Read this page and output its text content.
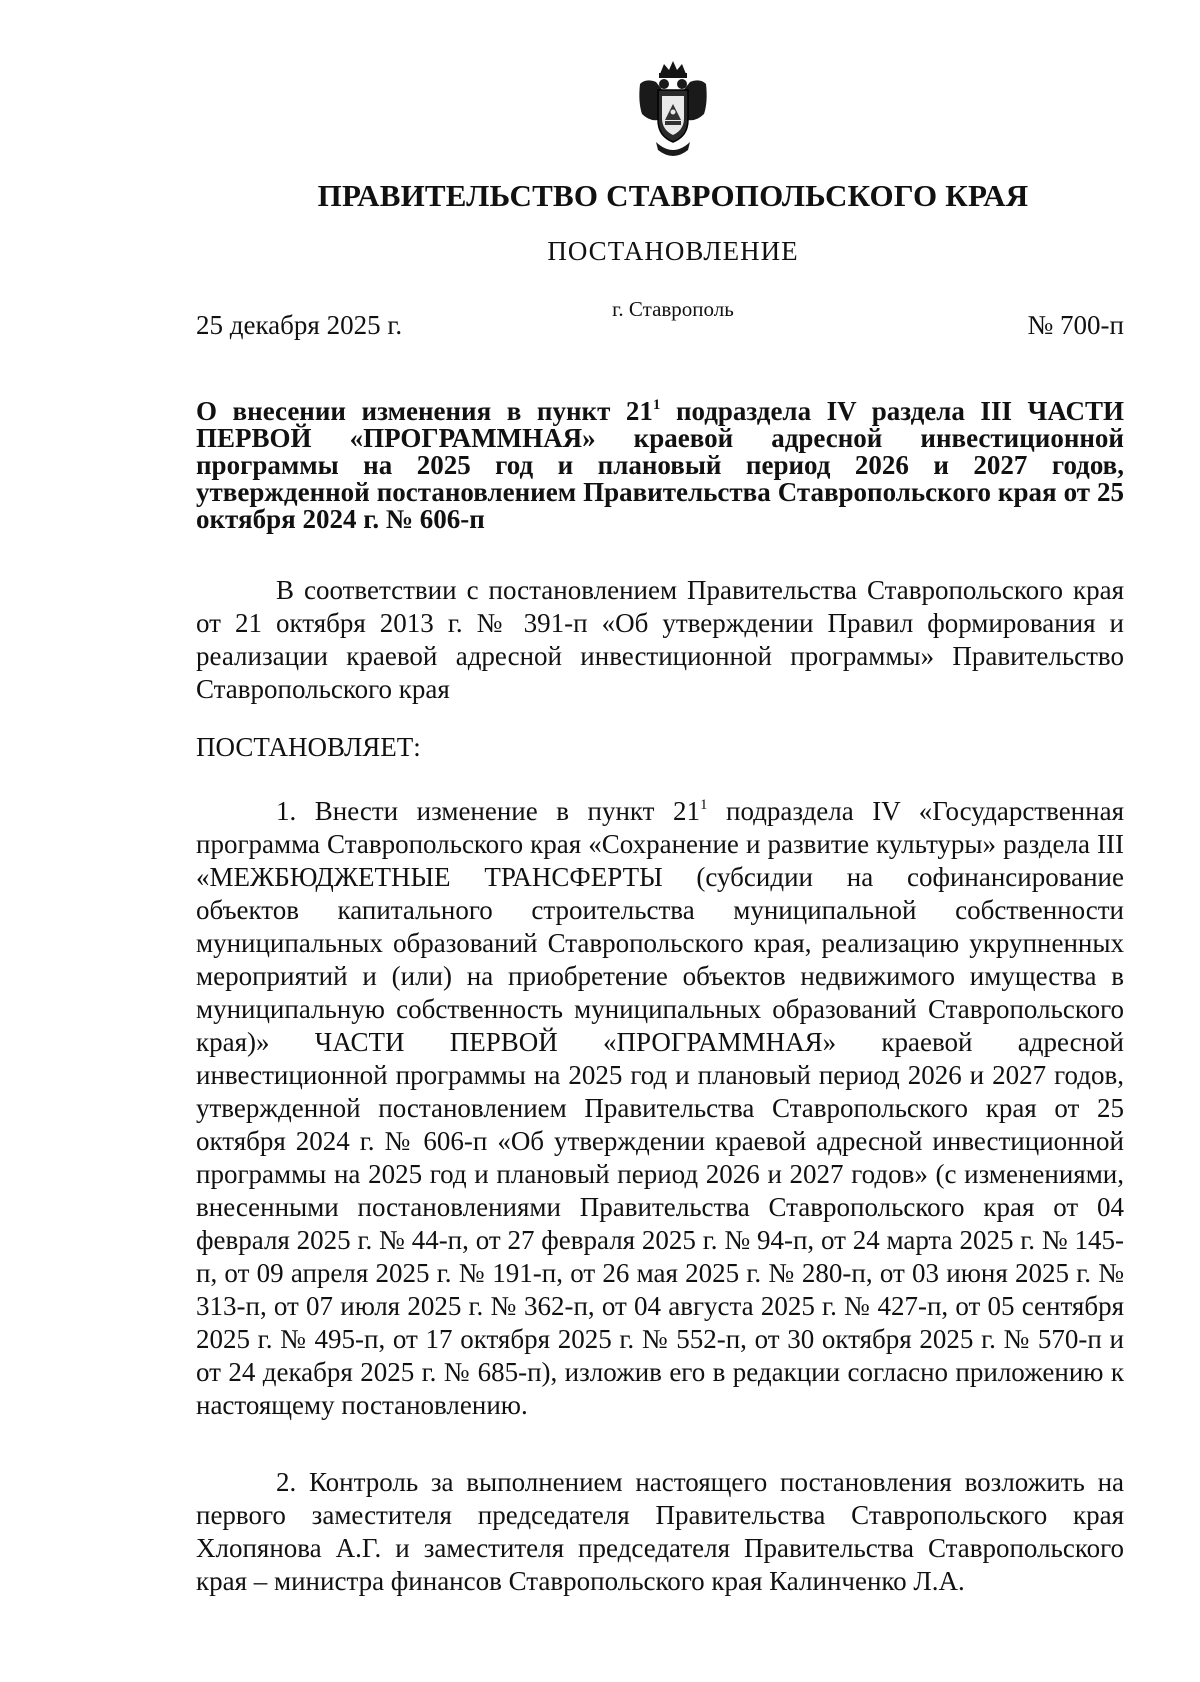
ПРАВИТЕЛЬСТВО СТАВРОПОЛЬСКОГО КРАЯ
ПОСТАНОВЛЕНИЕ
г. Ставрополь
25 декабря 2025 г.	№ 700-п
О внесении изменения в пункт $21^1$ подраздела IV раздела III ЧАСТИ ПЕРВОЙ «ПРОГРАММНАЯ» краевой адресной инвестиционной программы на 2025 год и плановый период 2026 и 2027 годов, утвержденной постановлением Правительства Ставропольского края от 25 октября 2024 г. № 606-п
В соответствии с постановлением Правительства Ставропольского края от 21 октября 2013 г. № 391-п «Об утверждении Правил формирования и реализации краевой адресной инвестиционной программы» Правительство Ставропольского края
ПОСТАНОВЛЯЕТ:
1. Внести изменение в пункт $21^1$ подраздела IV «Государственная программа Ставропольского края «Сохранение и развитие культуры» раздела III «МЕЖБЮДЖЕТНЫЕ ТРАНСФЕРТЫ (субсидии на софинансирование объектов капитального строительства муниципальной собственности муниципальных образований Ставропольского края, реализацию укрупненных мероприятий и (или) на приобретение объектов недвижимого имущества в муниципальную собственность муниципальных образований Ставропольского края)» ЧАСТИ ПЕРВОЙ «ПРОГРАММНАЯ» краевой адресной инвестиционной программы на 2025 год и плановый период 2026 и 2027 годов, утвержденной постановлением Правительства Ставропольского края от 25 октября 2024 г. № 606-п «Об утверждении краевой адресной инвестиционной программы на 2025 год и плановый период 2026 и 2027 годов» (с изменениями, внесенными постановлениями Правительства Ставропольского края от 04 февраля 2025 г. № 44-п, от 27 февраля 2025 г. № 94-п, от 24 марта 2025 г. № 145-п, от 09 апреля 2025 г. № 191-п, от 26 мая 2025 г. № 280-п, от 03 июня 2025 г. № 313-п, от 07 июля 2025 г. № 362-п, от 04 августа 2025 г. № 427-п, от 05 сентября 2025 г. № 495-п, от 17 октября 2025 г. № 552-п, от 30 октября 2025 г. № 570-п и от 24 декабря 2025 г. № 685-п), изложив его в редакции согласно приложению к настоящему постановлению.
2. Контроль за выполнением настоящего постановления возложить на первого заместителя председателя Правительства Ставропольского края Хлопянова А.Г. и заместителя председателя Правительства Ставропольского края – министра финансов Ставропольского края Калинченко Л.А.
